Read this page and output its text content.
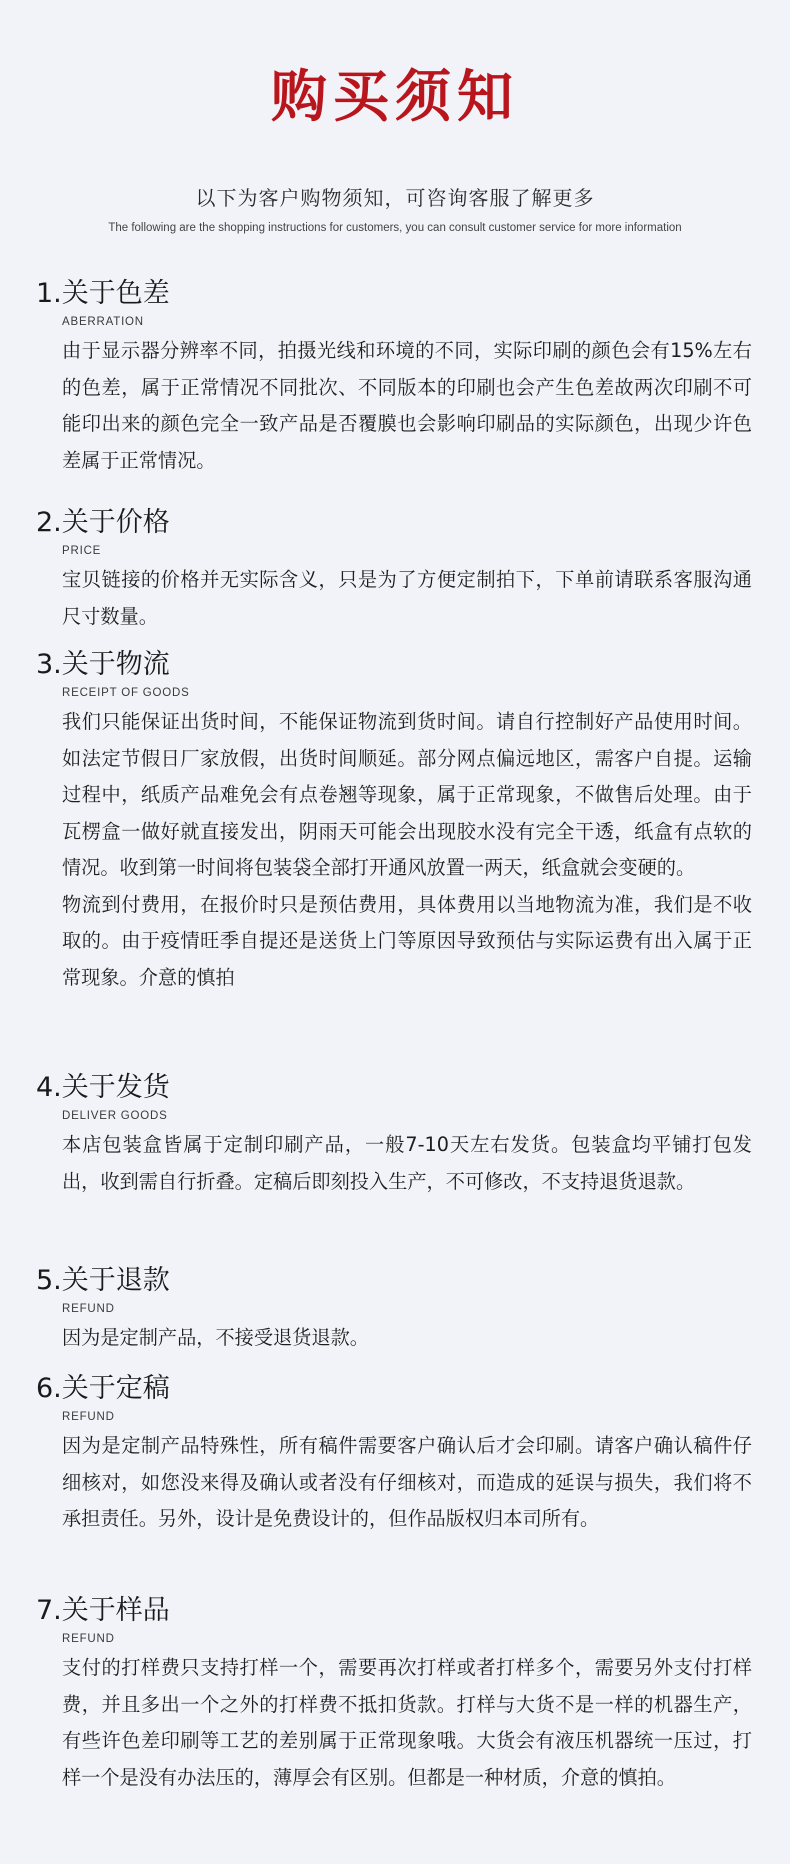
购买须知
以下为客户购物须知，可咨询客服了解更多
The following are the shopping instructions for customers, you can consult customer service for more information
1.关于色差
ABERRATION

由于显示器分辨率不同，拍摄光线和环境的不同，实际印刷的颜色会有15%左右的色差，属于正常情况不同批次、不同版本的印刷也会产生色差故两次印刷不可能印出来的颜色完全一致产品是否覆膜也会影响印刷品的实际颜色，出现少许色差属于正常情况。

2.关于价格
PRICE

宝贝链接的价格并无实际含义，只是为了方便定制拍下，下单前请联系客服沟通尺寸数量。

3.关于物流
RECEIPT OF GOODS

我们只能保证出货时间，不能保证物流到货时间。请自行控制好产品使用时间。如法定节假日厂家放假，出货时间顺延。部分网点偏远地区，需客户自提。运输过程中，纸质产品难免会有点卷翘等现象，属于正常现象，不做售后处理。由于瓦楞盒一做好就直接发出，阴雨天可能会出现胶水没有完全干透，纸盒有点软的情况。收到第一时间将包装袋全部打开通风放置一两天，纸盒就会变硬的。

物流到付费用，在报价时只是预估费用，具体费用以当地物流为准，我们是不收取的。由于疫情旺季自提还是送货上门等原因导致预估与实际运费有出入属于正常现象。介意的慎拍

4.关于发货
DELIVER GOODS

本店包装盒皆属于定制印刷产品，一般7-10天左右发货。包装盒均平铺打包发出，收到需自行折叠。定稿后即刻投入生产，不可修改，不支持退货退款。

5.关于退款
REFUND

因为是定制产品，不接受退货退款。

6.关于定稿
REFUND

因为是定制产品特殊性，所有稿件需要客户确认后才会印刷。请客户确认稿件仔细核对，如您没来得及确认或者没有仔细核对，而造成的延误与损失，我们将不承担责任。另外，设计是免费设计的，但作品版权归本司所有。

7.关于样品
REFUND

支付的打样费只支持打样一个，需要再次打样或者打样多个，需要另外支付打样费，并且多出一个之外的打样费不抵扣货款。打样与大货不是一样的机器生产，有些许色差印刷等工艺的差别属于正常现象哦。大货会有液压机器统一压过，打样一个是没有办法压的，薄厚会有区别。但都是一种材质，介意的慎拍。
